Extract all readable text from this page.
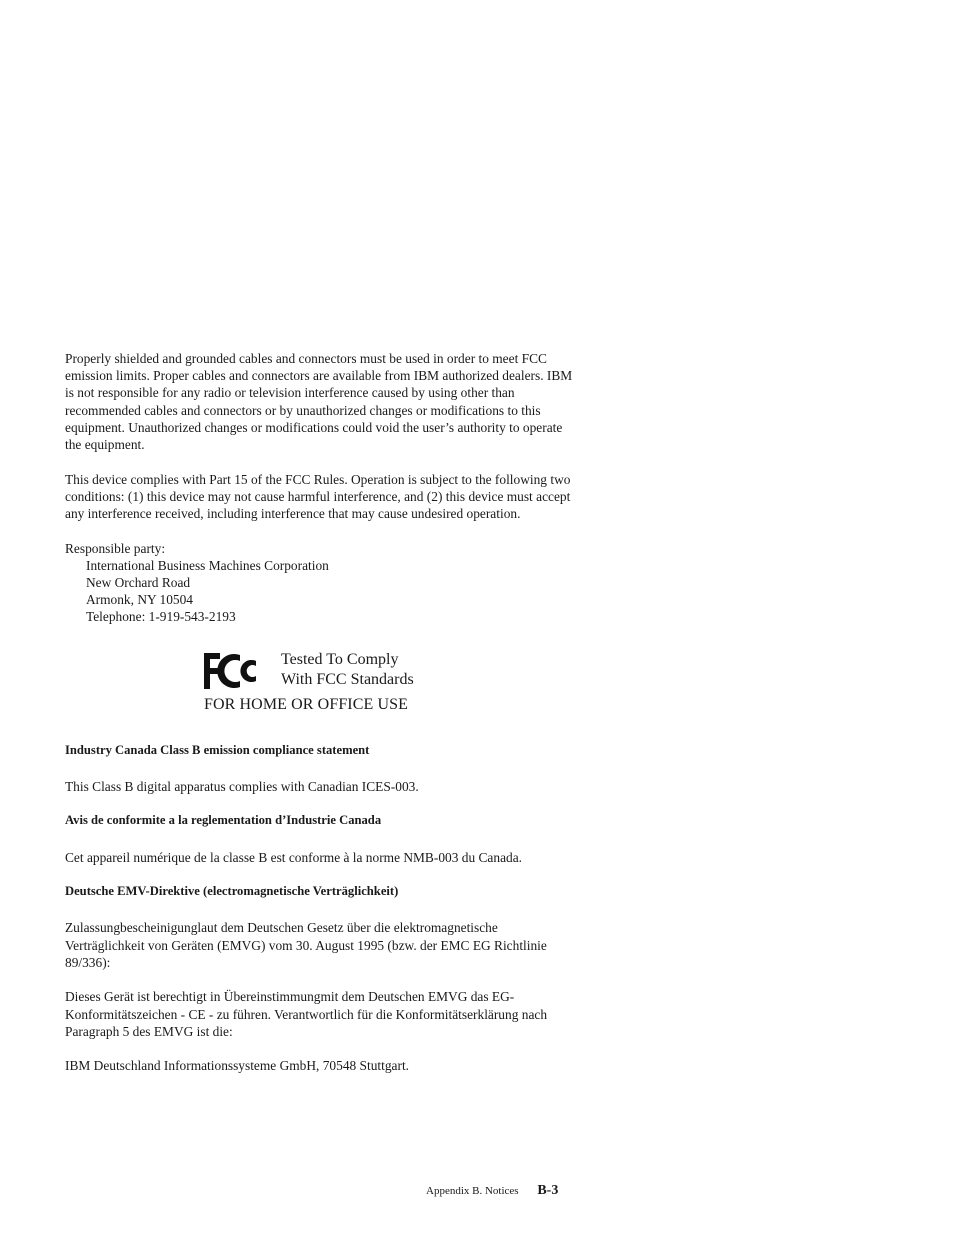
Properly shielded and grounded cables and connectors must be used in order to meet FCC emission limits. Proper cables and connectors are available from IBM authorized dealers. IBM is not responsible for any radio or television interference caused by using other than recommended cables and connectors or by unauthorized changes or modifications to this equipment. Unauthorized changes or modifications could void the user’s authority to operate the equipment.

This device complies with Part 15 of the FCC Rules. Operation is subject to the following two conditions: (1) this device may not cause harmful interference, and (2) this device must accept any interference received, including interference that may cause undesired operation.

Responsible party:
International Business Machines Corporation
New Orchard Road
Armonk, NY 10504
Telephone: 1-919-543-2193
Tested To Comply
With FCC Standards
FOR HOME OR OFFICE USE

Industry Canada Class B emission compliance statement

This Class B digital apparatus complies with Canadian ICES-003.

Avis de conformite a la reglementation d’Industrie Canada

Cet appareil numérique de la classe B est conforme à la norme NMB-003 du Canada.

Deutsche EMV-Direktive (electromagnetische Verträglichkeit)

Zulassungbescheinigunglaut dem Deutschen Gesetz über die elektromagnetische Verträglichkeit von Geräten (EMVG) vom 30. August 1995 (bzw. der EMC EG Richtlinie 89/336):

Dieses Gerät ist berechtigt in Übereinstimmungmit dem Deutschen EMVG das EG-Konformitätszeichen - CE - zu führen. Verantwortlich für die Konformitätserklärung nach Paragraph 5 des EMVG ist die:

IBM Deutschland Informationssysteme GmbH, 70548 Stuttgart.

Appendix B. Notices B-3
